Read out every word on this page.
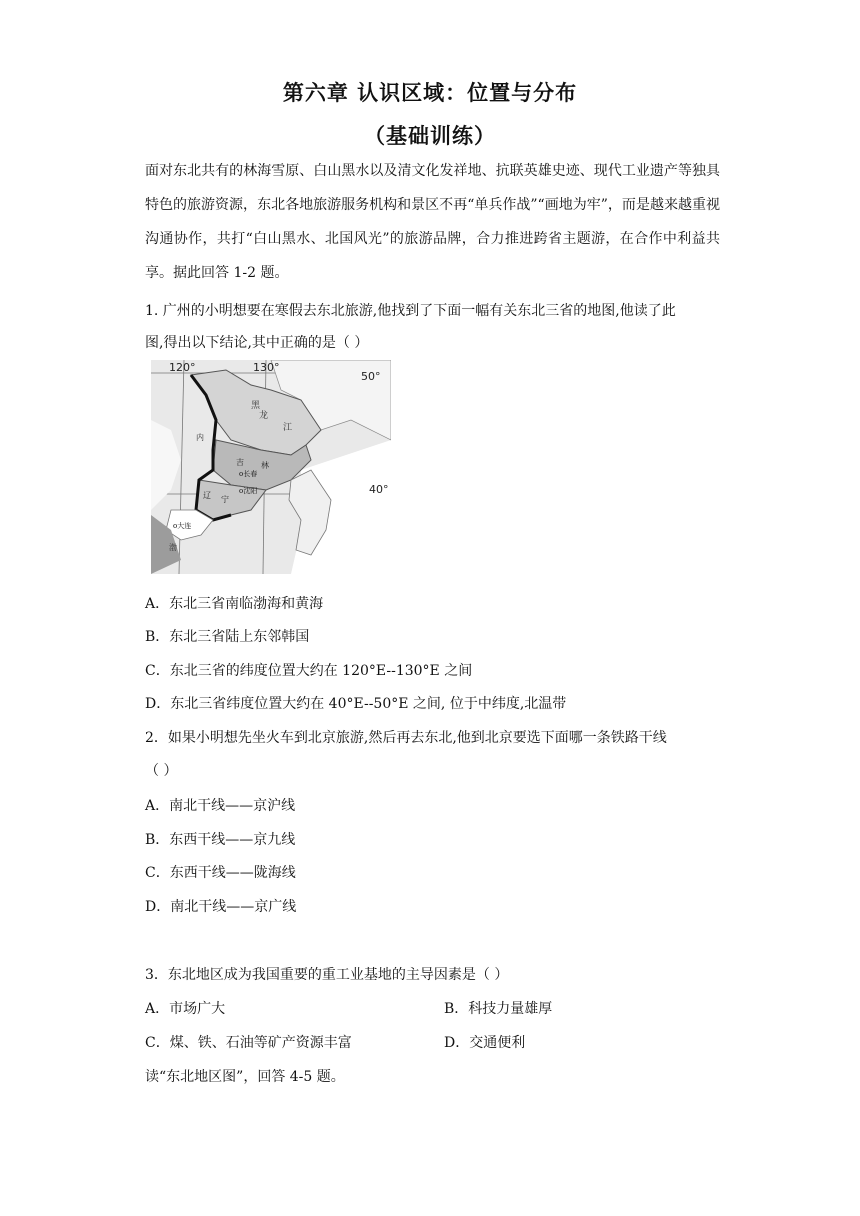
第六章 认识区域：位置与分布
（基础训练）
面对东北共有的林海雪原、白山黑水以及清文化发祥地、抗联英雄史迹、现代工业遗产等独具特色的旅游资源，东北各地旅游服务机构和景区不再“单兵作战”“画地为牢”，而是越来越重视沟通协作，共打“白山黑水、北国风光”的旅游品牌，合力推进跨省主题游，在合作中利益共享。据此回答 1-2 题。
1. 广州的小明想要在寒假去东北旅游,他找到了下面一幅有关东北三省的地图,他读了此
图,得出以下结论,其中正确的是（ ）
120°	130°
50°
40°
黑
龙
江
吉 林
o长春
辽 宁
o沈阳
o大连
内
渤
A．东北三省南临渤海和黄海
B．东北三省陆上东邻韩国
C．东北三省的纬度位置大约在 120°E--130°E 之间
D．东北三省纬度位置大约在 40°E--50°E 之间, 位于中纬度,北温带
2．如果小明想先坐火车到北京旅游,然后再去东北,他到北京要选下面哪一条铁路干线
（ ）
A．南北干线——京沪线
B．东西干线——京九线
C．东西干线——陇海线
D．南北干线——京广线
3．东北地区成为我国重要的重工业基地的主导因素是（ ）
A．市场广大	B．科技力量雄厚
C．煤、铁、石油等矿产资源丰富	D．交通便利
读“东北地区图”，回答 4-5 题。
